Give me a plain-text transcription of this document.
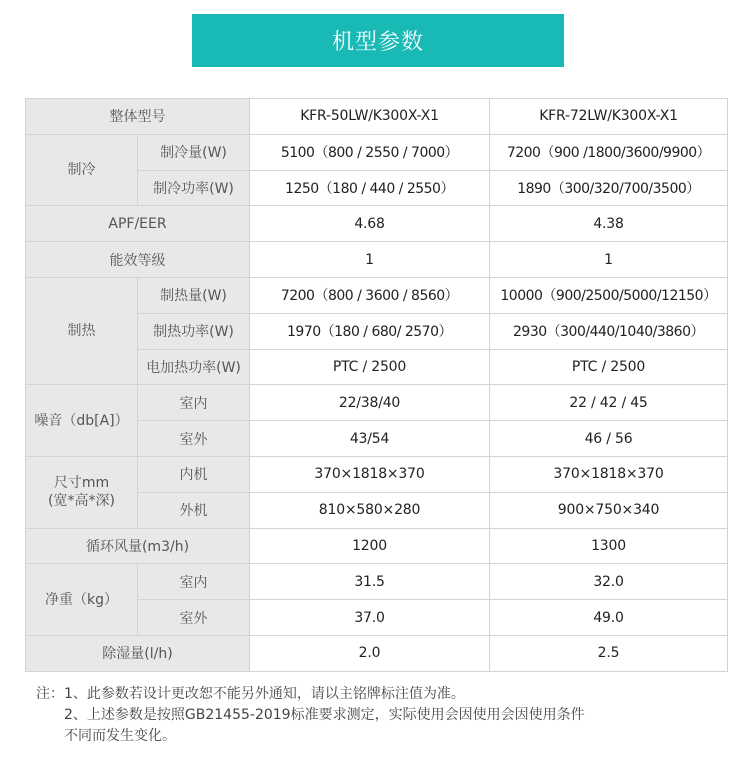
机型参数
整体型号		KFR-50LW/K300X-X1	KFR-72LW/K300X-X1
制冷	制冷量(W)	5100（800 / 2550 / 7000）	7200（900 /1800/3600/9900）
	制冷功率(W)	1250（180 / 440 / 2550）	1890（300/320/700/3500）
APF/EER		4.68	4.38
能效等级		1	1
制热	制热量(W)	7200（800 / 3600 / 8560）	10000（900/2500/5000/12150）
	制热功率(W)	1970（180 / 680/ 2570）	2930（300/440/1040/3860）
	电加热功率(W)	PTC / 2500	PTC / 2500
噪音（db[A]）	室内	22/38/40	22 / 42 / 45
	室外	43/54	46 / 56

尺寸mm
(宽*高*深)	内机	370×1818×370	370×1818×370
	外机	810×580×280	900×750×340
循环风量(m3/h)		1200	1300
净重（kg）	室内	31.5	32.0
	室外	37.0	49.0
除湿量(l/h)		2.0	2.5
注：1、此参数若设计更改恕不能另外通知，请以主铭牌标注值为准。
2、上述参数是按照GB21455-2019标准要求测定，实际使用会因使用会因使用条件
不同而发生变化。
